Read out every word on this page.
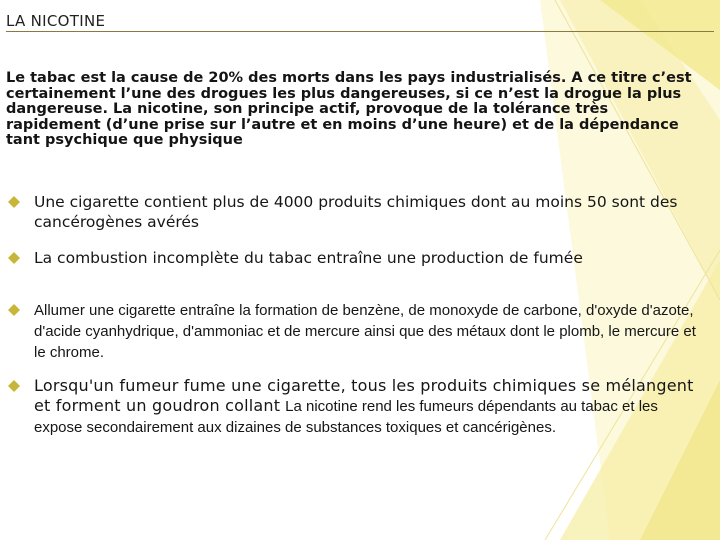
LA NICOTINE

Le tabac est la cause de 20% des morts dans les pays industrialisés. A ce titre c’est certainement l’une des drogues les plus dangereuses, si ce n’est la drogue la plus dangereuse. La nicotine, son principe actif, provoque de la tolérance très rapidement (d’une prise sur l’autre et en moins d’une heure) et de la dépendance tant psychique que physique

Une cigarette contient plus de 4000 produits chimiques dont au moins 50 sont des cancérogènes avérés
La combustion incomplète du tabac entraîne une production de fumée
Allumer une cigarette entraîne la formation de benzène, de monoxyde de carbone, d'oxyde d'azote, d'acide cyanhydrique, d'ammoniac et de mercure ainsi que des métaux dont le plomb, le mercure et le chrome.
Lorsqu'un fumeur fume une cigarette, tous les produits chimiques se mélangent et forment un goudron collant La nicotine rend les fumeurs dépendants au tabac et les expose secondairement aux dizaines de substances toxiques et cancérigènes.
